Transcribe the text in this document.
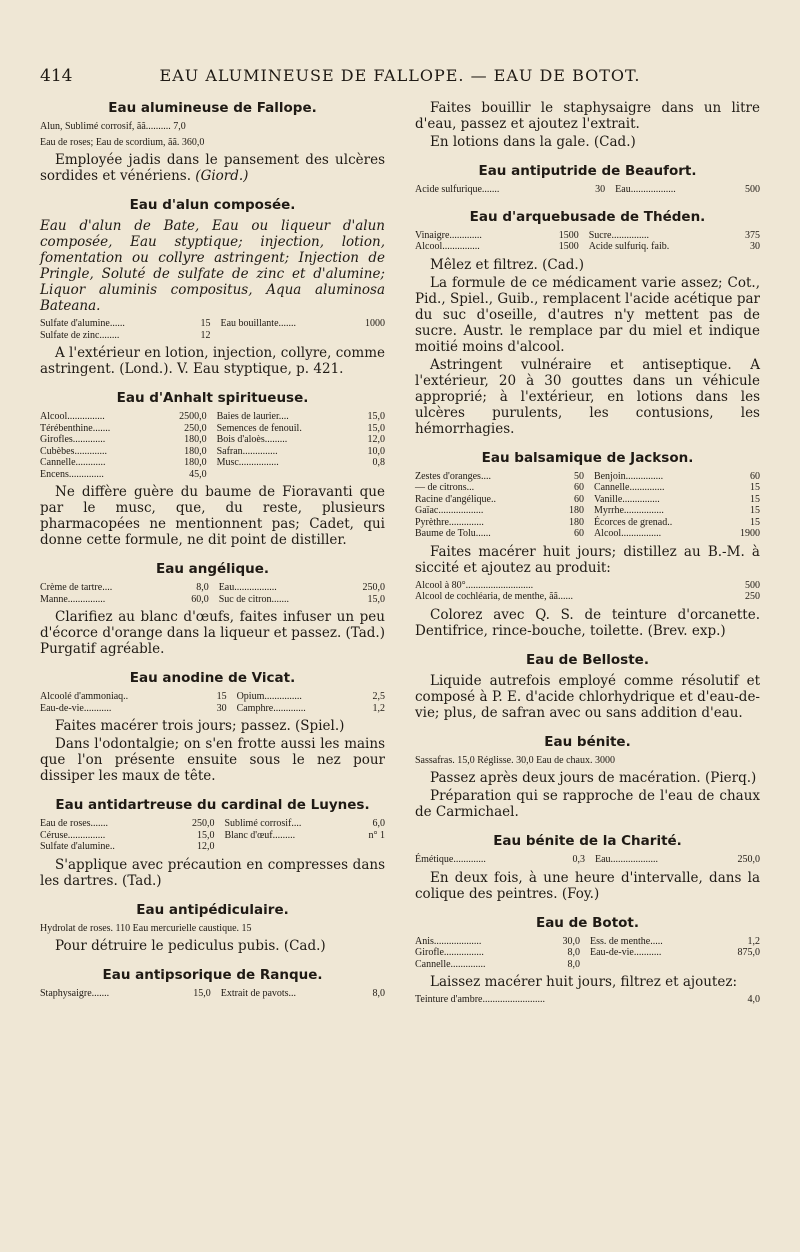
414	EAU ALUMINEUSE DE FALLOPE. — EAU DE BOTOT.
Eau alumineuse de Fallope.
Alun, Sublimé corrosif, ãã.......... 7,0
Eau de roses; Eau de scordium, ãã. 360,0

Employée jadis dans le pansement des ulcères sordides et vénériens. (Giord.)

Eau d'alun composée.

Eau d'alun de Bate, Eau ou liqueur d'alun composée, Eau styptique; injection, lotion, fomentation ou collyre astringent; Injection de Pringle, Soluté de sulfate de zinc et d'alumine; Liquor aluminis compositus, Aqua aluminosa Bateana.

Sulfate d'alumine......	15	Eau bouillante.......	1000
Sulfate de zinc........	12		

A l'extérieur en lotion, injection, collyre, comme astringent. (Lond.). V. Eau styptique, p. 421.

Eau d'Anhalt spiritueuse.
Alcool...............	2500,0	Baies de laurier....	15,0
Térébenthine.......	250,0	Semences de fenouil.	15,0
Girofles.............	180,0	Bois d'aloès.........	12,0
Cubèbes.............	180,0	Safran..............	10,0
Cannelle............	180,0	Musc................	0,8
Encens..............	45,0		

Ne diffère guère du baume de Fioravanti que par le musc, que, du reste, plusieurs pharmacopées ne mentionnent pas; Cadet, qui donne cette formule, ne dit point de distiller.

Eau angélique.
Crème de tartre....	8,0	Eau.................	250,0
Manne...............	60,0	Suc de citron.......	15,0

Clarifiez au blanc d'œufs, faites infuser un peu d'écorce d'orange dans la liqueur et passez. (Tad.) Purgatif agréable.

Eau anodine de Vicat.
Alcoolé d'ammoniaq..	15	Opium...............	2,5
Eau-de-vie...........	30	Camphre.............	1,2

Faites macérer trois jours; passez. (Spiel.)

Dans l'odontalgie; on s'en frotte aussi les mains que l'on présente ensuite sous le nez pour dissiper les maux de tête.

Eau antidartreuse du cardinal de Luynes.
Eau de roses.......	250,0	Sublimé corrosif....	6,0
Céruse...............	15,0	Blanc d'œuf.........	n° 1
Sulfate d'alumine..	12,0		

S'applique avec précaution en compresses dans les dartres. (Tad.)

Eau antipédiculaire.
Hydrolat de roses. 110 Eau mercurielle caustique. 15

Pour détruire le pediculus pubis. (Cad.)

Eau antipsorique de Ranque.
Staphysaigre.......	15,0	Extrait de pavots...	8,0

Faites bouillir le staphysaigre dans un litre d'eau, passez et ajoutez l'extrait.

En lotions dans la gale. (Cad.)

Eau antiputride de Beaufort.
Acide sulfurique.......	30	Eau..................	500
Eau d'arquebusade de Théden.
Vinaigre.............	1500	Sucre...............	375
Alcool...............	1500	Acide sulfuriq. faib.	30

Mêlez et filtrez. (Cad.)

La formule de ce médicament varie assez; Cot., Pid., Spiel., Guib., remplacent l'acide acétique par du suc d'oseille, d'autres n'y mettent pas de sucre. Austr. le remplace par du miel et indique moitié moins d'alcool.

Astringent vulnéraire et antiseptique. A l'extérieur, 20 à 30 gouttes dans un véhicule approprié; à l'extérieur, en lotions dans les ulcères purulents, les contusions, les hémorrhagies.

Eau balsamique de Jackson.
Zestes d'oranges....	50	Benjoin...............	60
— de citrons...	60	Cannelle..............	15
Racine d'angélique..	60	Vanille...............	15
Gaïac..................	180	Myrrhe................	15
Pyrèthre..............	180	Écorces de grenad..	15
Baume de Tolu......	60	Alcool................	1900

Faites macérer huit jours; distillez au B.-M. à siccité et ajoutez au produit:

Alcool à 80°...........................	500
Alcool de cochléaria, de menthe, ãã......	250

Colorez avec Q. S. de teinture d'orcanette. Dentifrice, rince-bouche, toilette. (Brev. exp.)

Eau de Belloste.

Liquide autrefois employé comme résolutif et composé à P. E. d'acide chlorhydrique et d'eau-de-vie; plus, de safran avec ou sans addition d'eau.

Eau bénite.
Sassafras. 15,0 Réglisse. 30,0 Eau de chaux. 3000

Passez après deux jours de macération. (Pierq.)

Préparation qui se rapproche de l'eau de chaux de Carmichael.

Eau bénite de la Charité.
Émétique.............	0,3	Eau...................	250,0

En deux fois, à une heure d'intervalle, dans la colique des peintres. (Foy.)

Eau de Botot.
Anis...................	30,0	Ess. de menthe.....	1,2
Girofle................	8,0	Eau-de-vie...........	875,0
Cannelle..............	8,0		

Laissez macérer huit jours, filtrez et ajoutez:

Teinture d'ambre.........................	4,0
